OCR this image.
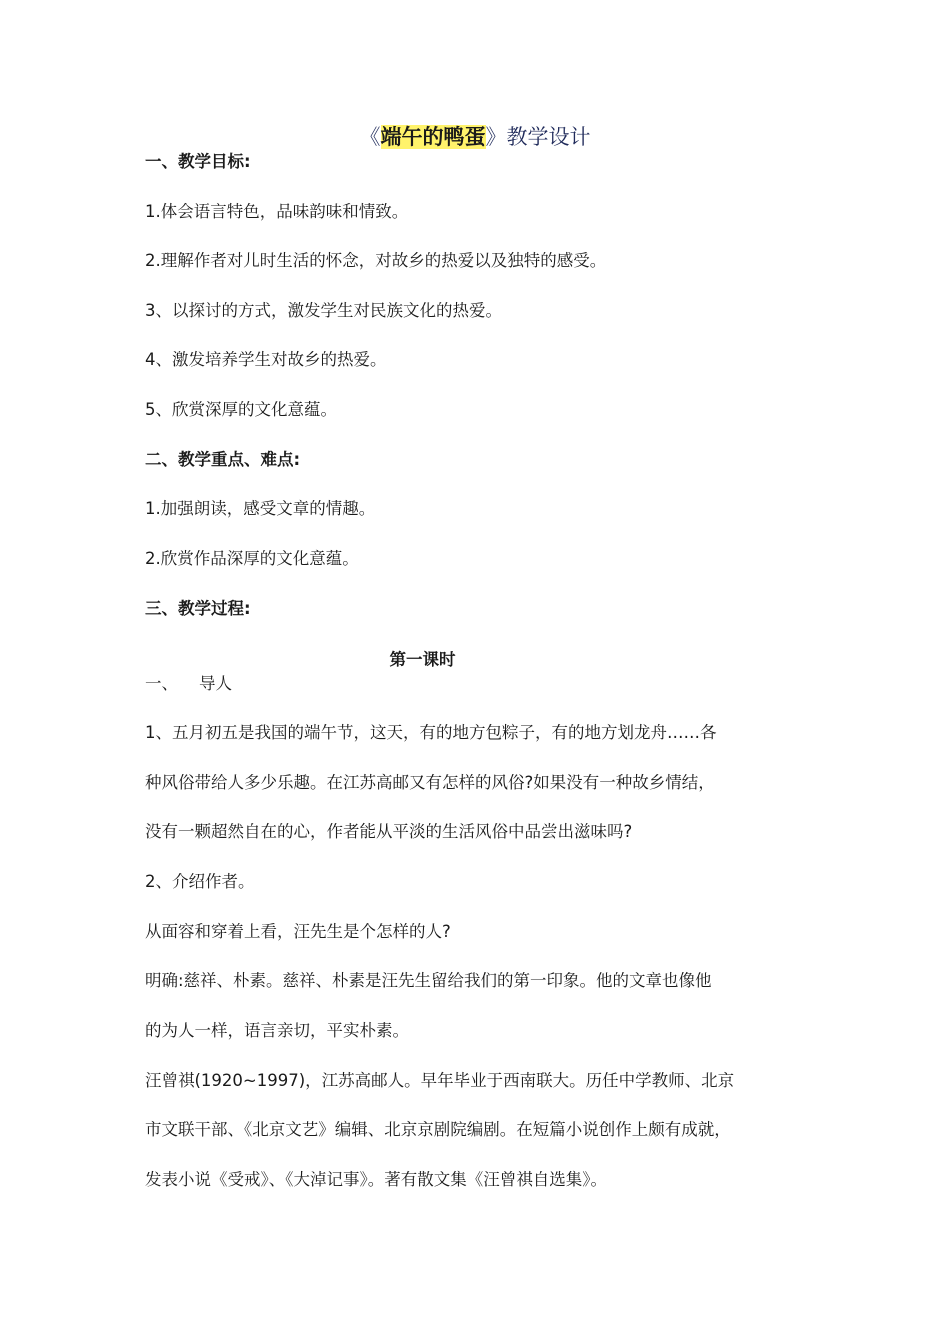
《端午的鸭蛋》教学设计
一、教学目标:
1.体会语言特色，品味韵味和情致。
2.理解作者对儿时生活的怀念，对故乡的热爱以及独特的感受。
3、以探讨的方式，激发学生对民族文化的热爱。
4、激发培养学生对故乡的热爱。
5、欣赏深厚的文化意蕴。
二、教学重点、难点:
1.加强朗读，感受文章的情趣。
2.欣赏作品深厚的文化意蕴。
三、教学过程:
第一课时
一、    导人
1、五月初五是我国的端午节，这天，有的地方包粽子，有的地方划龙舟……各
种风俗带给人多少乐趣。在江苏高邮又有怎样的风俗?如果没有一种故乡情结，
没有一颗超然自在的心，作者能从平淡的生活风俗中品尝出滋味吗?
2、介绍作者。
从面容和穿着上看，汪先生是个怎样的人?
明确:慈祥、朴素。慈祥、朴素是汪先生留给我们的第一印象。他的文章也像他
的为人一样，语言亲切，平实朴素。
汪曾祺(1920~1997)，江苏高邮人。早年毕业于西南联大。历任中学教师、北京
市文联干部、《北京文艺》编辑、北京京剧院编剧。在短篇小说创作上颇有成就，
发表小说《受戒》、《大淖记事》。著有散文集《汪曾祺自选集》。
